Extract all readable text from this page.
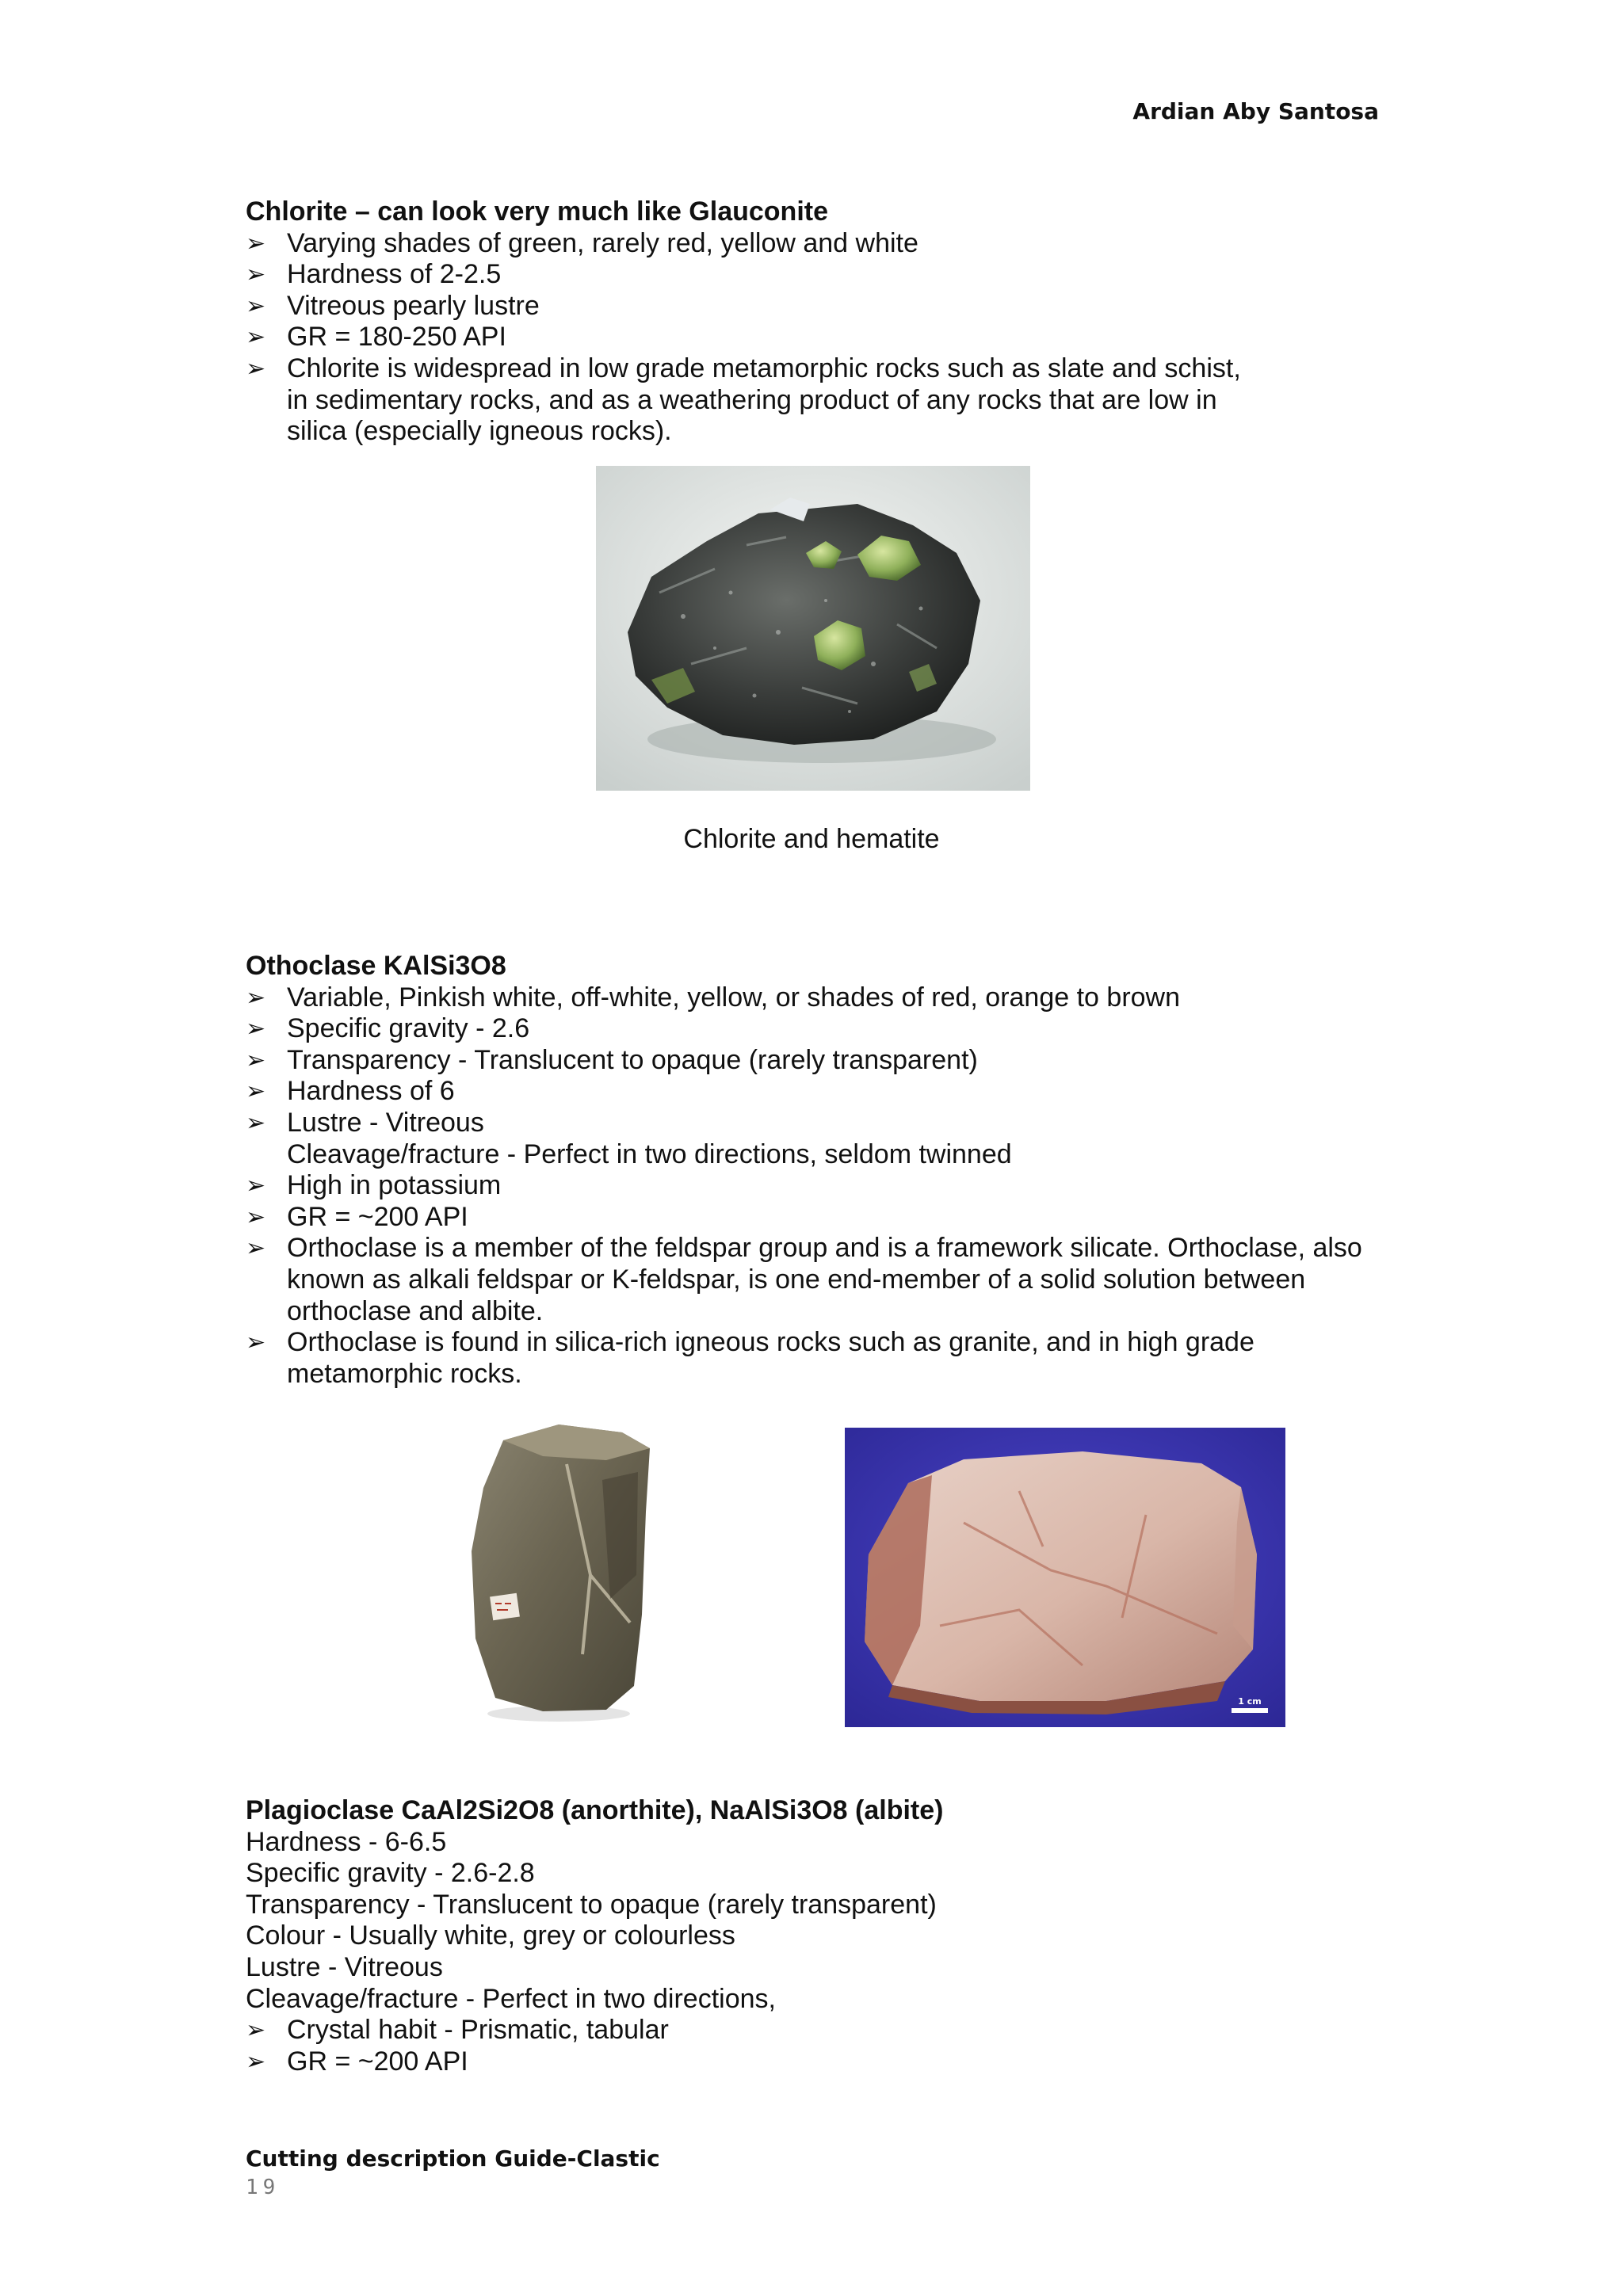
Ardian Aby Santosa
Chlorite – can look very much like Glauconite
➢ Varying shades of green, rarely red, yellow and white
➢ Hardness of 2-2.5
➢ Vitreous pearly lustre
➢ GR = 180-250 API
➢ Chlorite is widespread in low grade metamorphic rocks such as slate and schist, in sedimentary rocks, and as a weathering product of any rocks that are low in silica (especially igneous rocks).
Chlorite and hematite
Othoclase KAlSi3O8
➢ Variable, Pinkish white, off-white, yellow, or shades of red, orange to brown
➢ Specific gravity - 2.6
➢ Transparency - Translucent to opaque (rarely transparent)
➢ Hardness of 6
➢ Lustre - Vitreous
Cleavage/fracture - Perfect in two directions, seldom twinned
➢ High in potassium
➢ GR = ~200 API
➢ Orthoclase is a member of the feldspar group and is a framework silicate. Orthoclase, also known as alkali feldspar or K-feldspar, is one end-member of a solid solution between orthoclase and albite.
➢ Orthoclase is found in silica-rich igneous rocks such as granite, and in high grade metamorphic rocks.
1 cm
Plagioclase CaAl2Si2O8 (anorthite), NaAlSi3O8 (albite)

Hardness - 6-6.5

Specific gravity - 2.6-2.8

Transparency - Translucent to opaque (rarely transparent)

Colour - Usually white, grey or colourless

Lustre - Vitreous

Cleavage/fracture - Perfect in two directions,

➢ Crystal habit - Prismatic, tabular
➢ GR = ~200 API
Cutting description Guide-Clastic
19
